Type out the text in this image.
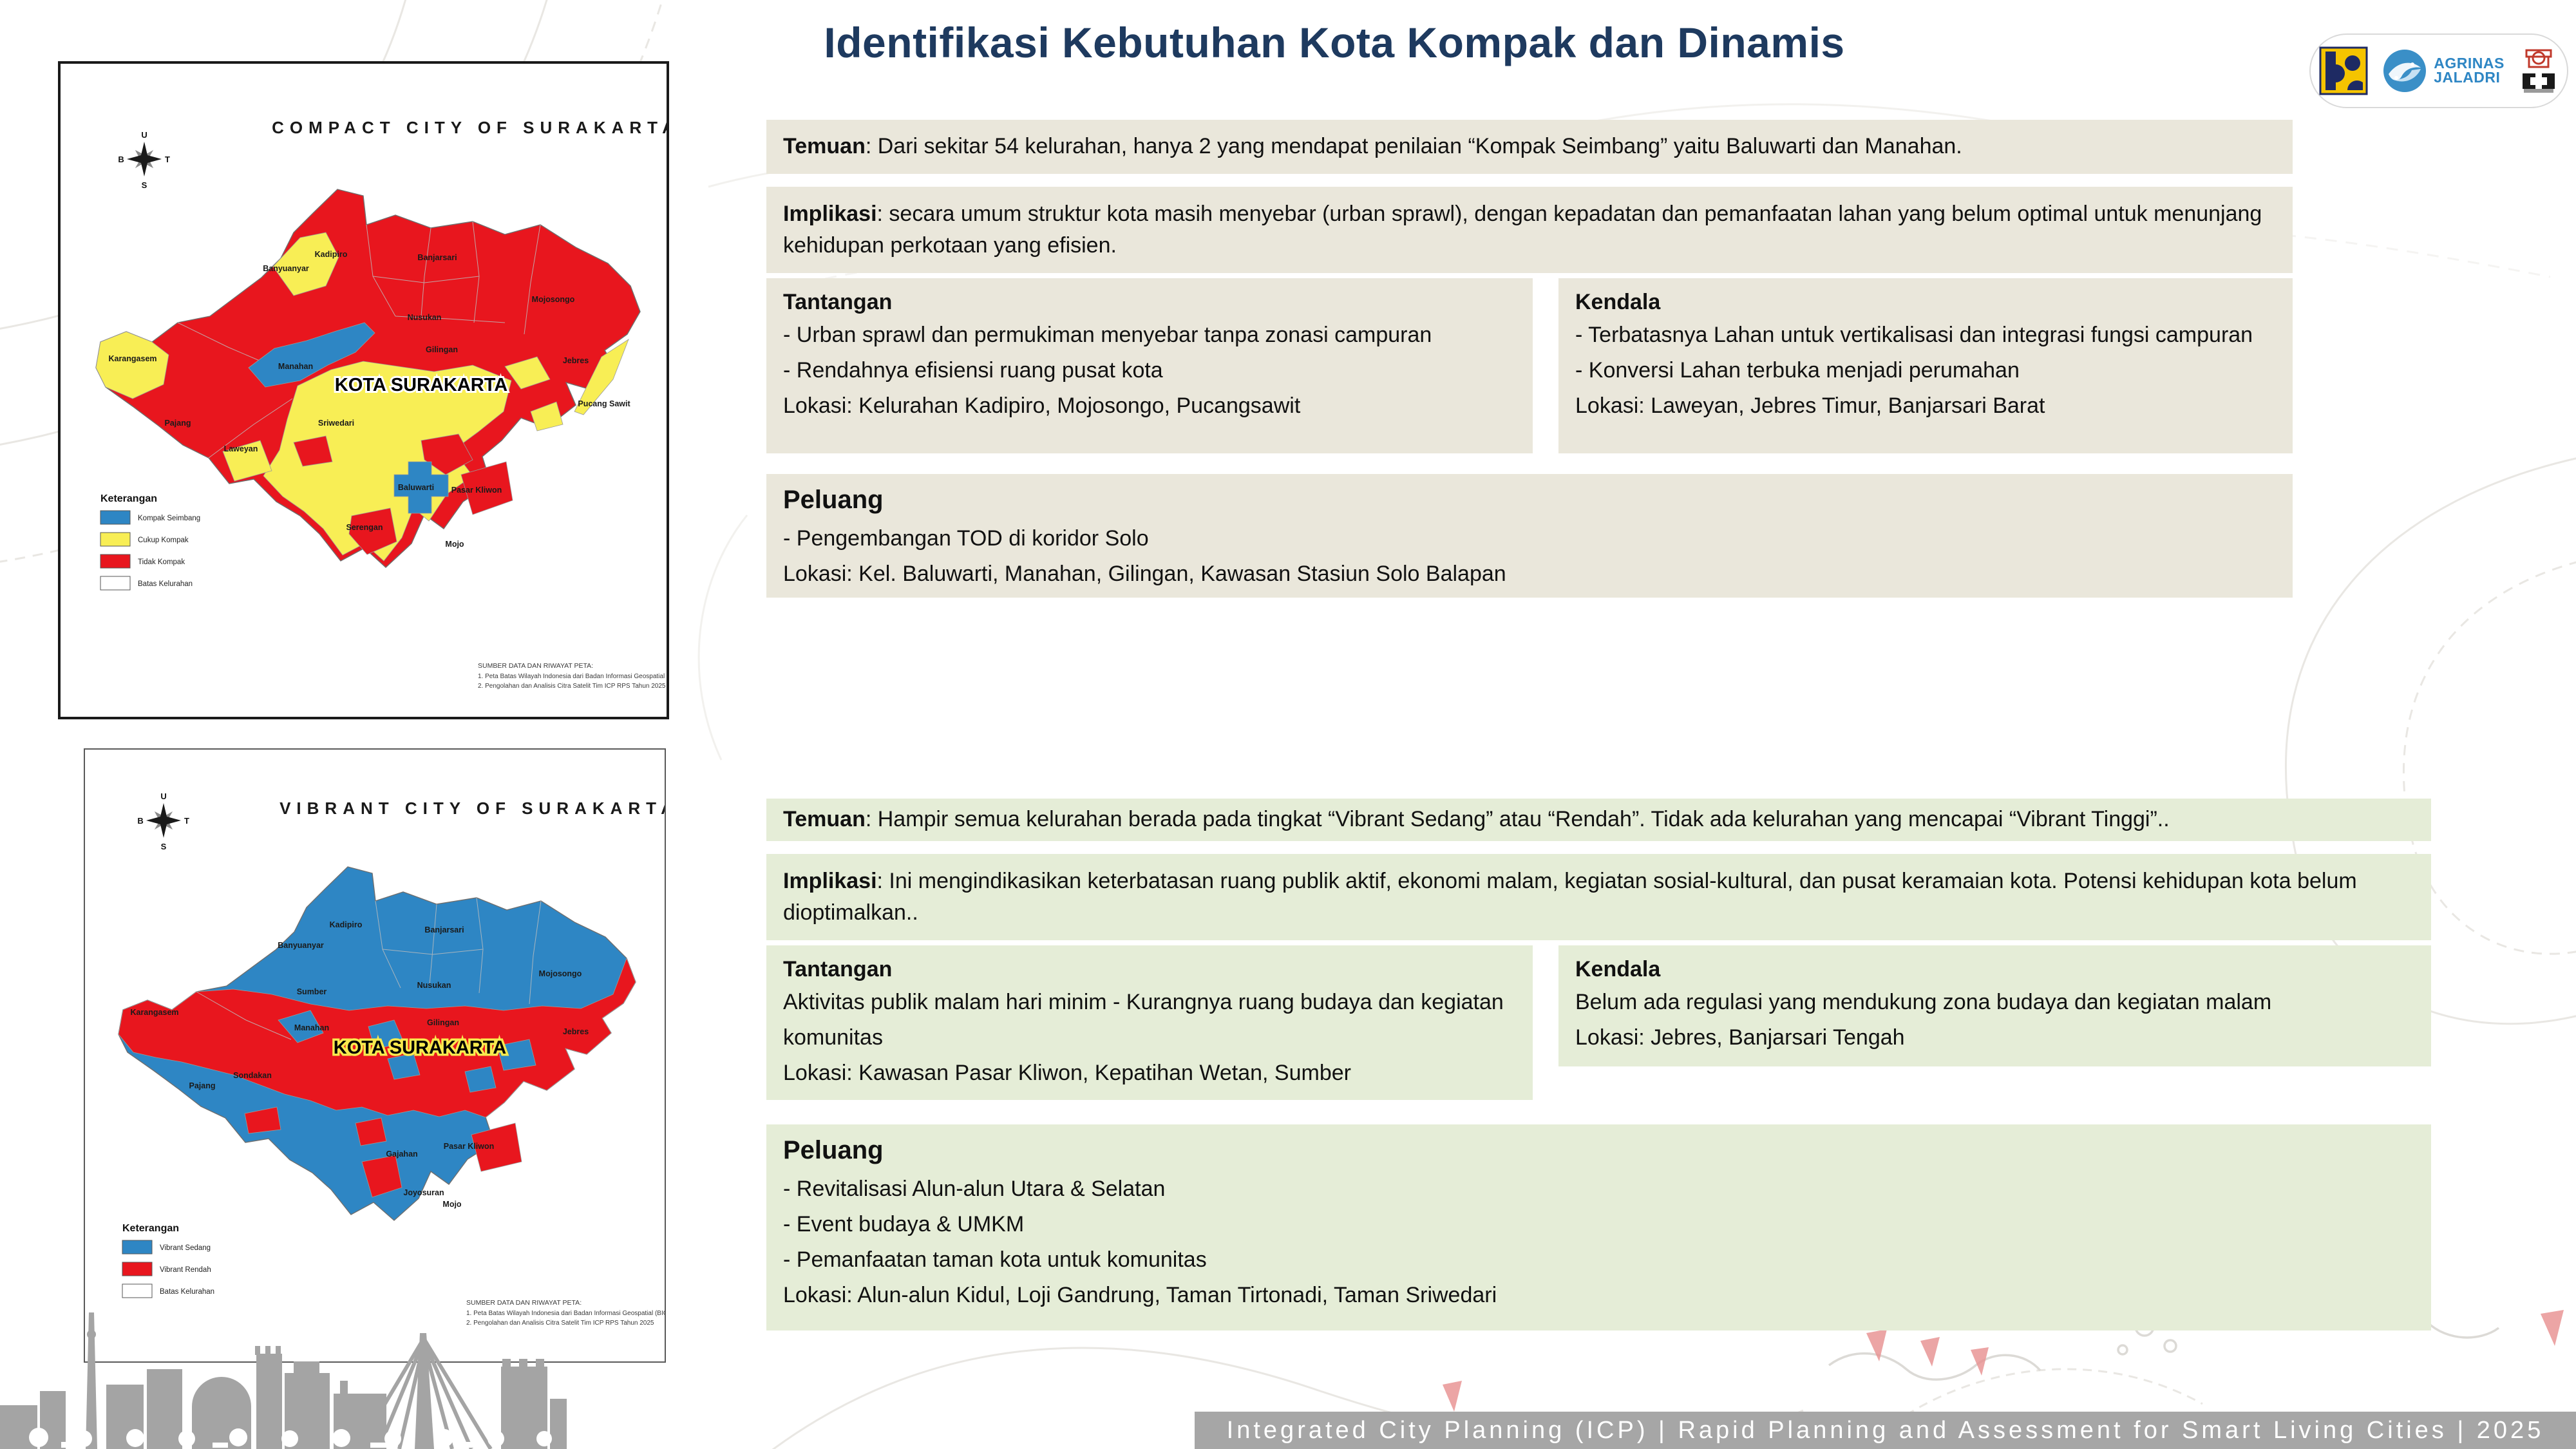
Identifikasi Kebutuhan Kota Kompak dan Dinamis	AGRINAS
JALADRI
COMPACT CITY OF SURAKARTA
U
T
S
B
Kadipiro	Banjarsari
Mojosongo
Banyuanyar
Nusukan
Karangasem
Manahan
Gilingan
Jebres
Pajang
Laweyan
Sriwedari
Baluwarti Pasar Kliwon
Serengan
Mojo
Pucang Sawit
KOTA SURAKARTA
Keterangan
Kompak Seimbang
Cukup Kompak
Tidak Kompak
Batas Kelurahan
SUMBER DATA DAN RIWAYAT PETA:
1. Peta Batas Wilayah Indonesia dari Badan Informasi Geospatial (BIG)
2. Pengolahan dan Analisis Citra Satelit Tim ICP RPS Tahun 2025
VIBRANT CITY OF SURAKARTA
U
T
S
B
Kadipiro
Banjarsari
Mojosongo
Banyuanyar
Sumber
Nusukan
Karangasem
Manahan
Gilingan
Jebres
Pajang
Sondakan
Gajahan
Pasar Kliwon
Joyosuran
Mojo
KOTA SURAKARTA
Keterangan
Vibrant Sedang
Vibrant Rendah
Batas Kelurahan
SUMBER DATA DAN RIWAYAT PETA:
1. Peta Batas Wilayah Indonesia dari Badan Informasi Geospatial (BIG)
2. Pengolahan dan Analisis Citra Satelit Tim ICP RPS Tahun 2025

Temuan: Dari sekitar 54 kelurahan, hanya 2 yang mendapat penilaian “Kompak Seimbang” yaitu Baluwarti dan Manahan.

Implikasi: secara umum struktur kota masih menyebar (urban sprawl), dengan kepadatan dan pemanfaatan lahan yang belum optimal untuk menunjang kehidupan perkotaan yang efisien.

Tantangan
- Urban sprawl dan permukiman menyebar tanpa zonasi campuran
- Rendahnya efisiensi ruang pusat kota
Lokasi: Kelurahan Kadipiro, Mojosongo, Pucangsawit
Kendala
- Terbatasnya Lahan untuk vertikalisasi dan integrasi fungsi campuran
- Konversi Lahan terbuka menjadi perumahan
Lokasi: Laweyan, Jebres Timur, Banjarsari Barat
Peluang
- Pengembangan TOD di koridor Solo
Lokasi: Kel. Baluwarti, Manahan, Gilingan, Kawasan Stasiun Solo Balapan

Temuan: Hampir semua kelurahan berada pada tingkat “Vibrant Sedang” atau “Rendah”. Tidak ada kelurahan yang mencapai “Vibrant Tinggi”..

Implikasi: Ini mengindikasikan keterbatasan ruang publik aktif, ekonomi malam, kegiatan sosial-kultural, dan pusat keramaian kota. Potensi kehidupan kota belum dioptimalkan..

Tantangan
Aktivitas publik malam hari minim - Kurangnya ruang budaya dan kegiatan komunitas
Lokasi: Kawasan Pasar Kliwon, Kepatihan Wetan, Sumber
Kendala
Belum ada regulasi yang mendukung zona budaya dan kegiatan malam
Lokasi: Jebres, Banjarsari Tengah
Peluang
- Revitalisasi Alun-alun Utara & Selatan
- Event budaya & UMKM
- Pemanfaatan taman kota untuk komunitas
Lokasi: Alun-alun Kidul, Loji Gandrung, Taman Tirtonadi, Taman Sriwedari
Integrated City Planning (ICP) | Rapid Planning and Assessment for Smart Living Cities | 2025
